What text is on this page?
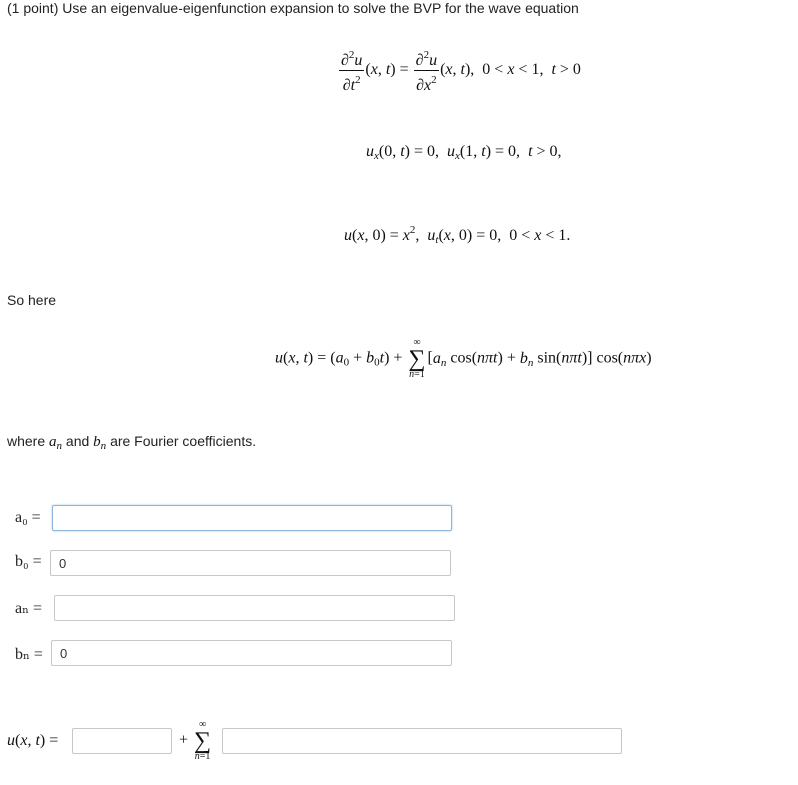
(1 point) Use an eigenvalue-eigenfunction expansion to solve the BVP for the wave equation
$\frac{\partial^2u}{\partial t^2} (x$, $t) = \frac{\partial^2u}{\partial x^2} (x$, t),  0 < x < 1,  t > 0
$u_x(0$, t) = 0,  $u_x(1$, t) = 0,  t > 0,
u(x, $0) = x^2$,  $u_t(x$, 0) = 0,  0 < x < 1.
So here
u(x, $t) = (a_0 + b_0t)$ +
∞
∑
n=1
[$a_n$ $\cos(n\pi t) + b_n$ sin(nπt)] cos(nπx)
where $a_n$ and $b_n$ are Fourier coefficients.
a₀ =
b₀ =
0
aₙ =
bₙ =
0
u(x, t) =	+
∞
∑
n=1
